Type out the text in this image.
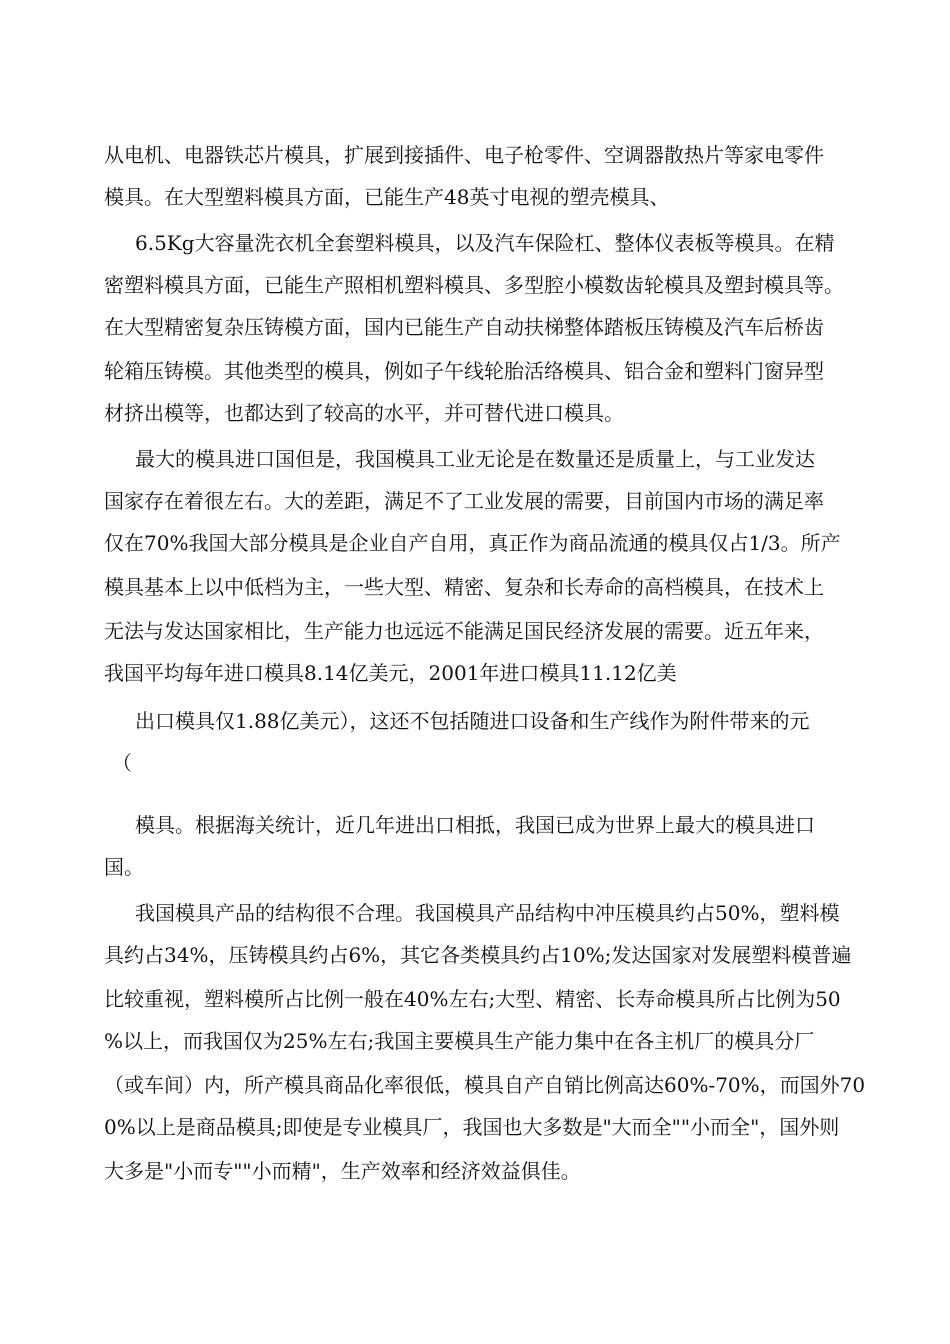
从电机、电器铁芯片模具，扩展到接插件、电子枪零件、空调器散热片等家电零件

模具。在大型塑料模具方面，已能生产48英寸电视的塑壳模具、

6.5Kg大容量洗衣机全套塑料模具，以及汽车保险杠、整体仪表板等模具。在精

密塑料模具方面，已能生产照相机塑料模具、多型腔小模数齿轮模具及塑封模具等。

在大型精密复杂压铸模方面，国内已能生产自动扶梯整体踏板压铸模及汽车后桥齿

轮箱压铸模。其他类型的模具，例如子午线轮胎活络模具、铝合金和塑料门窗异型

材挤出模等，也都达到了较高的水平，并可替代进口模具。

最大的模具进口国但是，我国模具工业无论是在数量还是质量上，与工业发达

国家存在着很左右。大的差距，满足不了工业发展的需要，目前国内市场的满足率

仅在70%我国大部分模具是企业自产自用，真正作为商品流通的模具仅占1/3。所产

模具基本上以中低档为主，一些大型、精密、复杂和长寿命的高档模具，在技术上

无法与发达国家相比，生产能力也远远不能满足国民经济发展的需要。近五年来，

我国平均每年进口模具8.14亿美元，2001年进口模具11.12亿美

出口模具仅1.88亿美元），这还不包括随进口设备和生产线作为附件带来的元

（

模具。根据海关统计，近几年进出口相抵，我国已成为世界上最大的模具进口

国。

我国模具产品的结构很不合理。我国模具产品结构中冲压模具约占50%，塑料模

具约占34%，压铸模具约占6%，其它各类模具约占10%;发达国家对发展塑料模普遍

比较重视，塑料模所占比例一般在40%左右;大型、精密、长寿命模具所占比例为50

%以上，而我国仅为25%左右;我国主要模具生产能力集中在各主机厂的模具分厂

（或车间）内，所产模具商品化率很低，模具自产自销比例高达60%-70%，而国外70

0%以上是商品模具;即使是专业模具厂，我国也大多数是"大而全""小而全"，国外则

大多是"小而专""小而精"，生产效率和经济效益俱佳。
